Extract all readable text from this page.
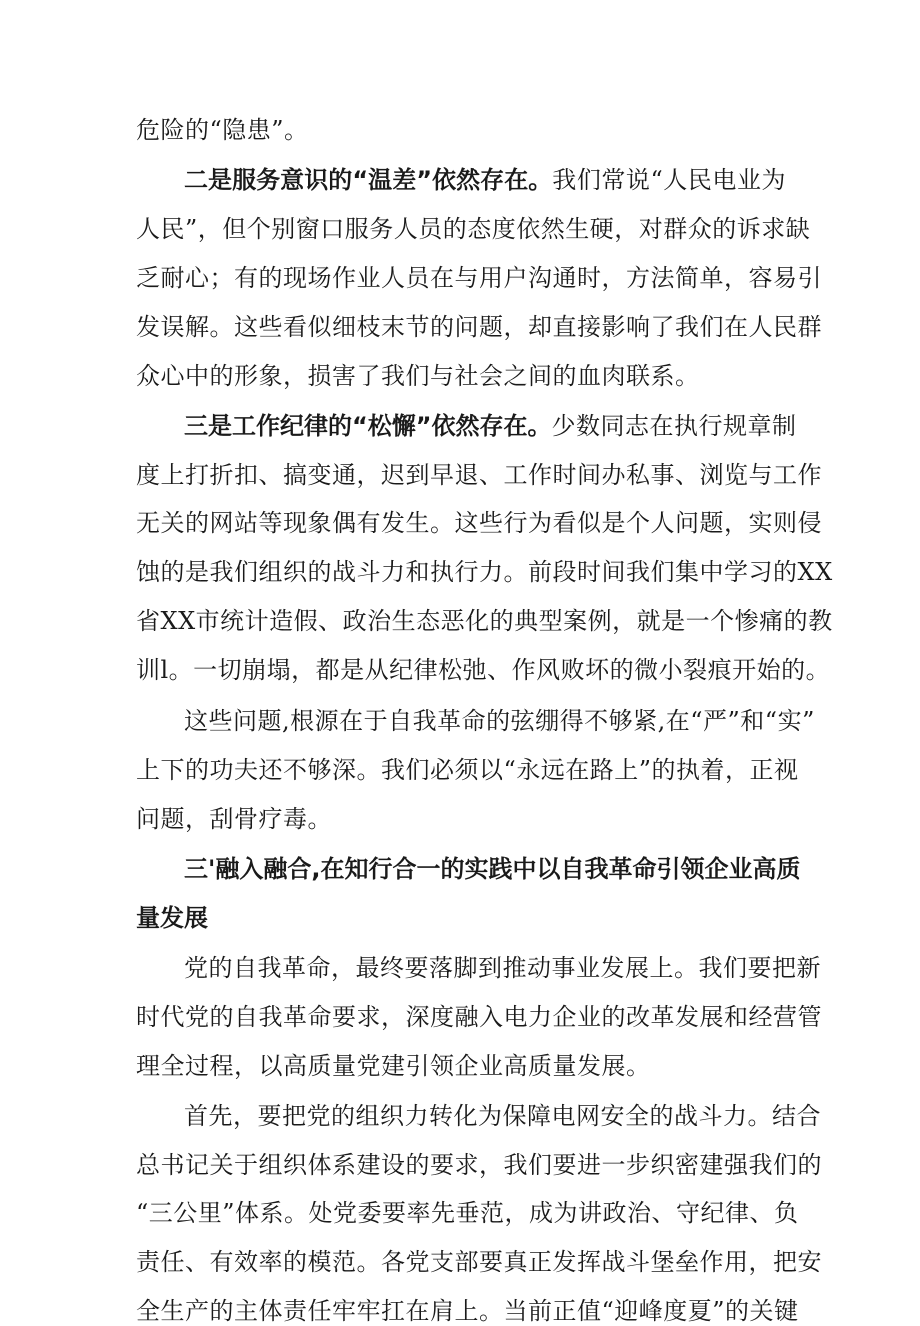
危险的“隐患”。
二是服务意识的“温差”依然存在。我们常说“人民电业为
人民”，但个别窗口服务人员的态度依然生硬，对群众的诉求缺
乏耐心；有的现场作业人员在与用户沟通时，方法简单，容易引
发误解。这些看似细枝末节的问题，却直接影响了我们在人民群
众心中的形象，损害了我们与社会之间的血肉联系。
三是工作纪律的“松懈”依然存在。少数同志在执行规章制
度上打折扣、搞变通，迟到早退、工作时间办私事、浏览与工作
无关的网站等现象偶有发生。这些行为看似是个人问题，实则侵
蚀的是我们组织的战斗力和执行力。前段时间我们集中学习的XX
省XX市统计造假、政治生态恶化的典型案例，就是一个惨痛的教
训l。一切崩塌，都是从纪律松弛、作风败坏的微小裂痕开始的。
这些问题,根源在于自我革命的弦绷得不够紧,在“严”和“实”
上下的功夫还不够深。我们必须以“永远在路上”的执着，正视
问题，刮骨疗毒。
三'融入融合,在知行合一的实践中以自我革命引领企业高质
量发展
党的自我革命，最终要落脚到推动事业发展上。我们要把新
时代党的自我革命要求，深度融入电力企业的改革发展和经营管
理全过程，以高质量党建引领企业高质量发展。
首先，要把党的组织力转化为保障电网安全的战斗力。结合
总书记关于组织体系建设的要求，我们要进一步织密建强我们的
“三公里”体系。处党委要率先垂范，成为讲政治、守纪律、负
责任、有效率的模范。各党支部要真正发挥战斗堡垒作用，把安
全生产的主体责任牢牢扛在肩上。当前正值“迎峰度夏”的关键
